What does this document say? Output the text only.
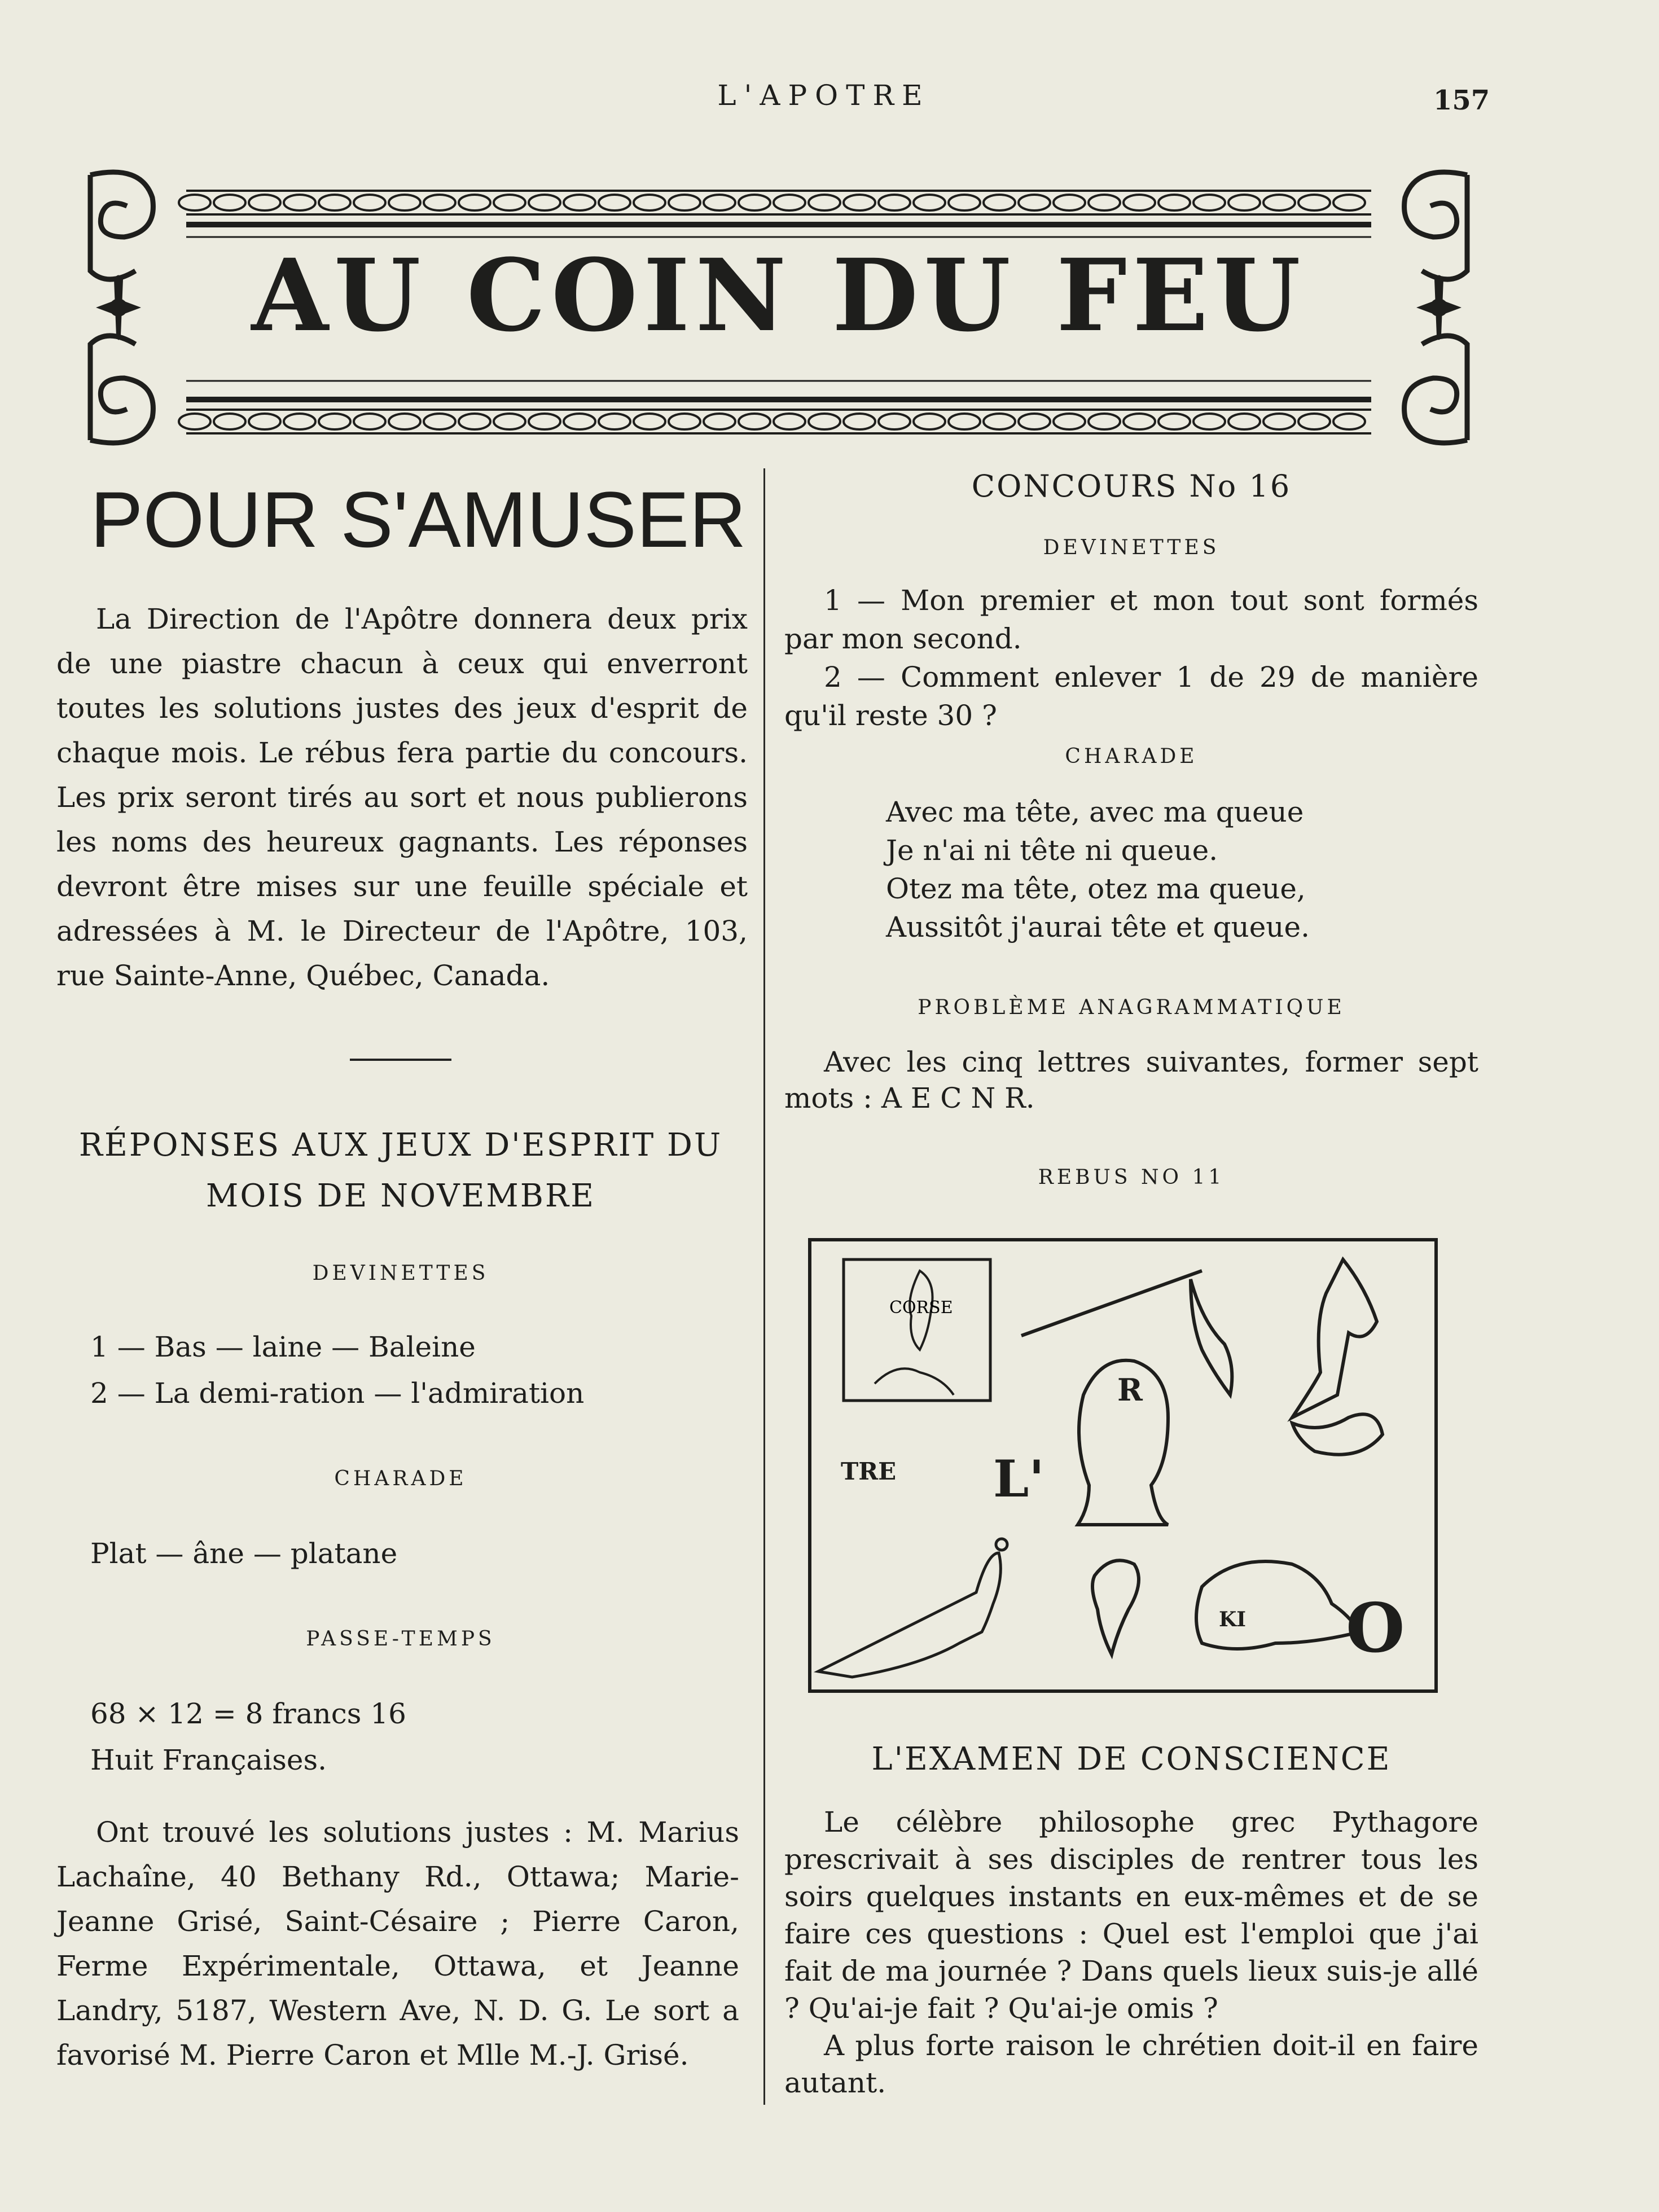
L'APOTRE	157
AU COIN DU FEU
POUR S'AMUSER

La Direction de l'Apôtre donnera deux prix de une piastre chacun à ceux qui enverront toutes les solutions justes des jeux d'esprit de chaque mois. Le rébus fera partie du concours. Les prix seront tirés au sort et nous publierons les noms des heureux gagnants. Les réponses devront être mises sur une feuille spéciale et adressées à M. le Directeur de l'Apôtre, 103, rue Sainte-Anne, Québec, Canada.

RÉPONSES AUX JEUX D'ESPRIT DU MOIS DE NOVEMBRE
DEVINETTES
1 — Bas — laine — Baleine
2 — La demi-ration — l'admiration
CHARADE
Plat — âne — platane
PASSE-TEMPS
68 × 12 = 8 francs 16
Huit Françaises.

Ont trouvé les solutions justes : M. Marius Lachaîne, 40 Bethany Rd., Ottawa; Marie-Jeanne Grisé, Saint-Césaire ; Pierre Caron, Ferme Expérimentale, Ottawa, et Jeanne Landry, 5187, Western Ave, N. D. G. Le sort a favorisé M. Pierre Caron et Mlle M.-J. Grisé.

CONCOURS No 16
DEVINETTES

1 — Mon premier et mon tout sont formés par mon second.

2 — Comment enlever 1 de 29 de manière qu'il reste 30 ?

CHARADE
Avec ma tête, avec ma queue
Je n'ai ni tête ni queue.
Otez ma tête, otez ma queue,
Aussitôt j'aurai tête et queue.
PROBLÈME ANAGRAMMATIQUE

Avec les cinq lettres suivantes, former sept mots : A E C N R.

REBUS NO 11
CORSE
R
TRE L'
KI O
L'EXAMEN DE CONSCIENCE

Le célèbre philosophe grec Pythagore prescrivait à ses disciples de rentrer tous les soirs quelques instants en eux-mêmes et de se faire ces questions : Quel est l'emploi que j'ai fait de ma journée ? Dans quels lieux suis-je allé ? Qu'ai-je fait ? Qu'ai-je omis ?

A plus forte raison le chrétien doit-il en faire autant.
